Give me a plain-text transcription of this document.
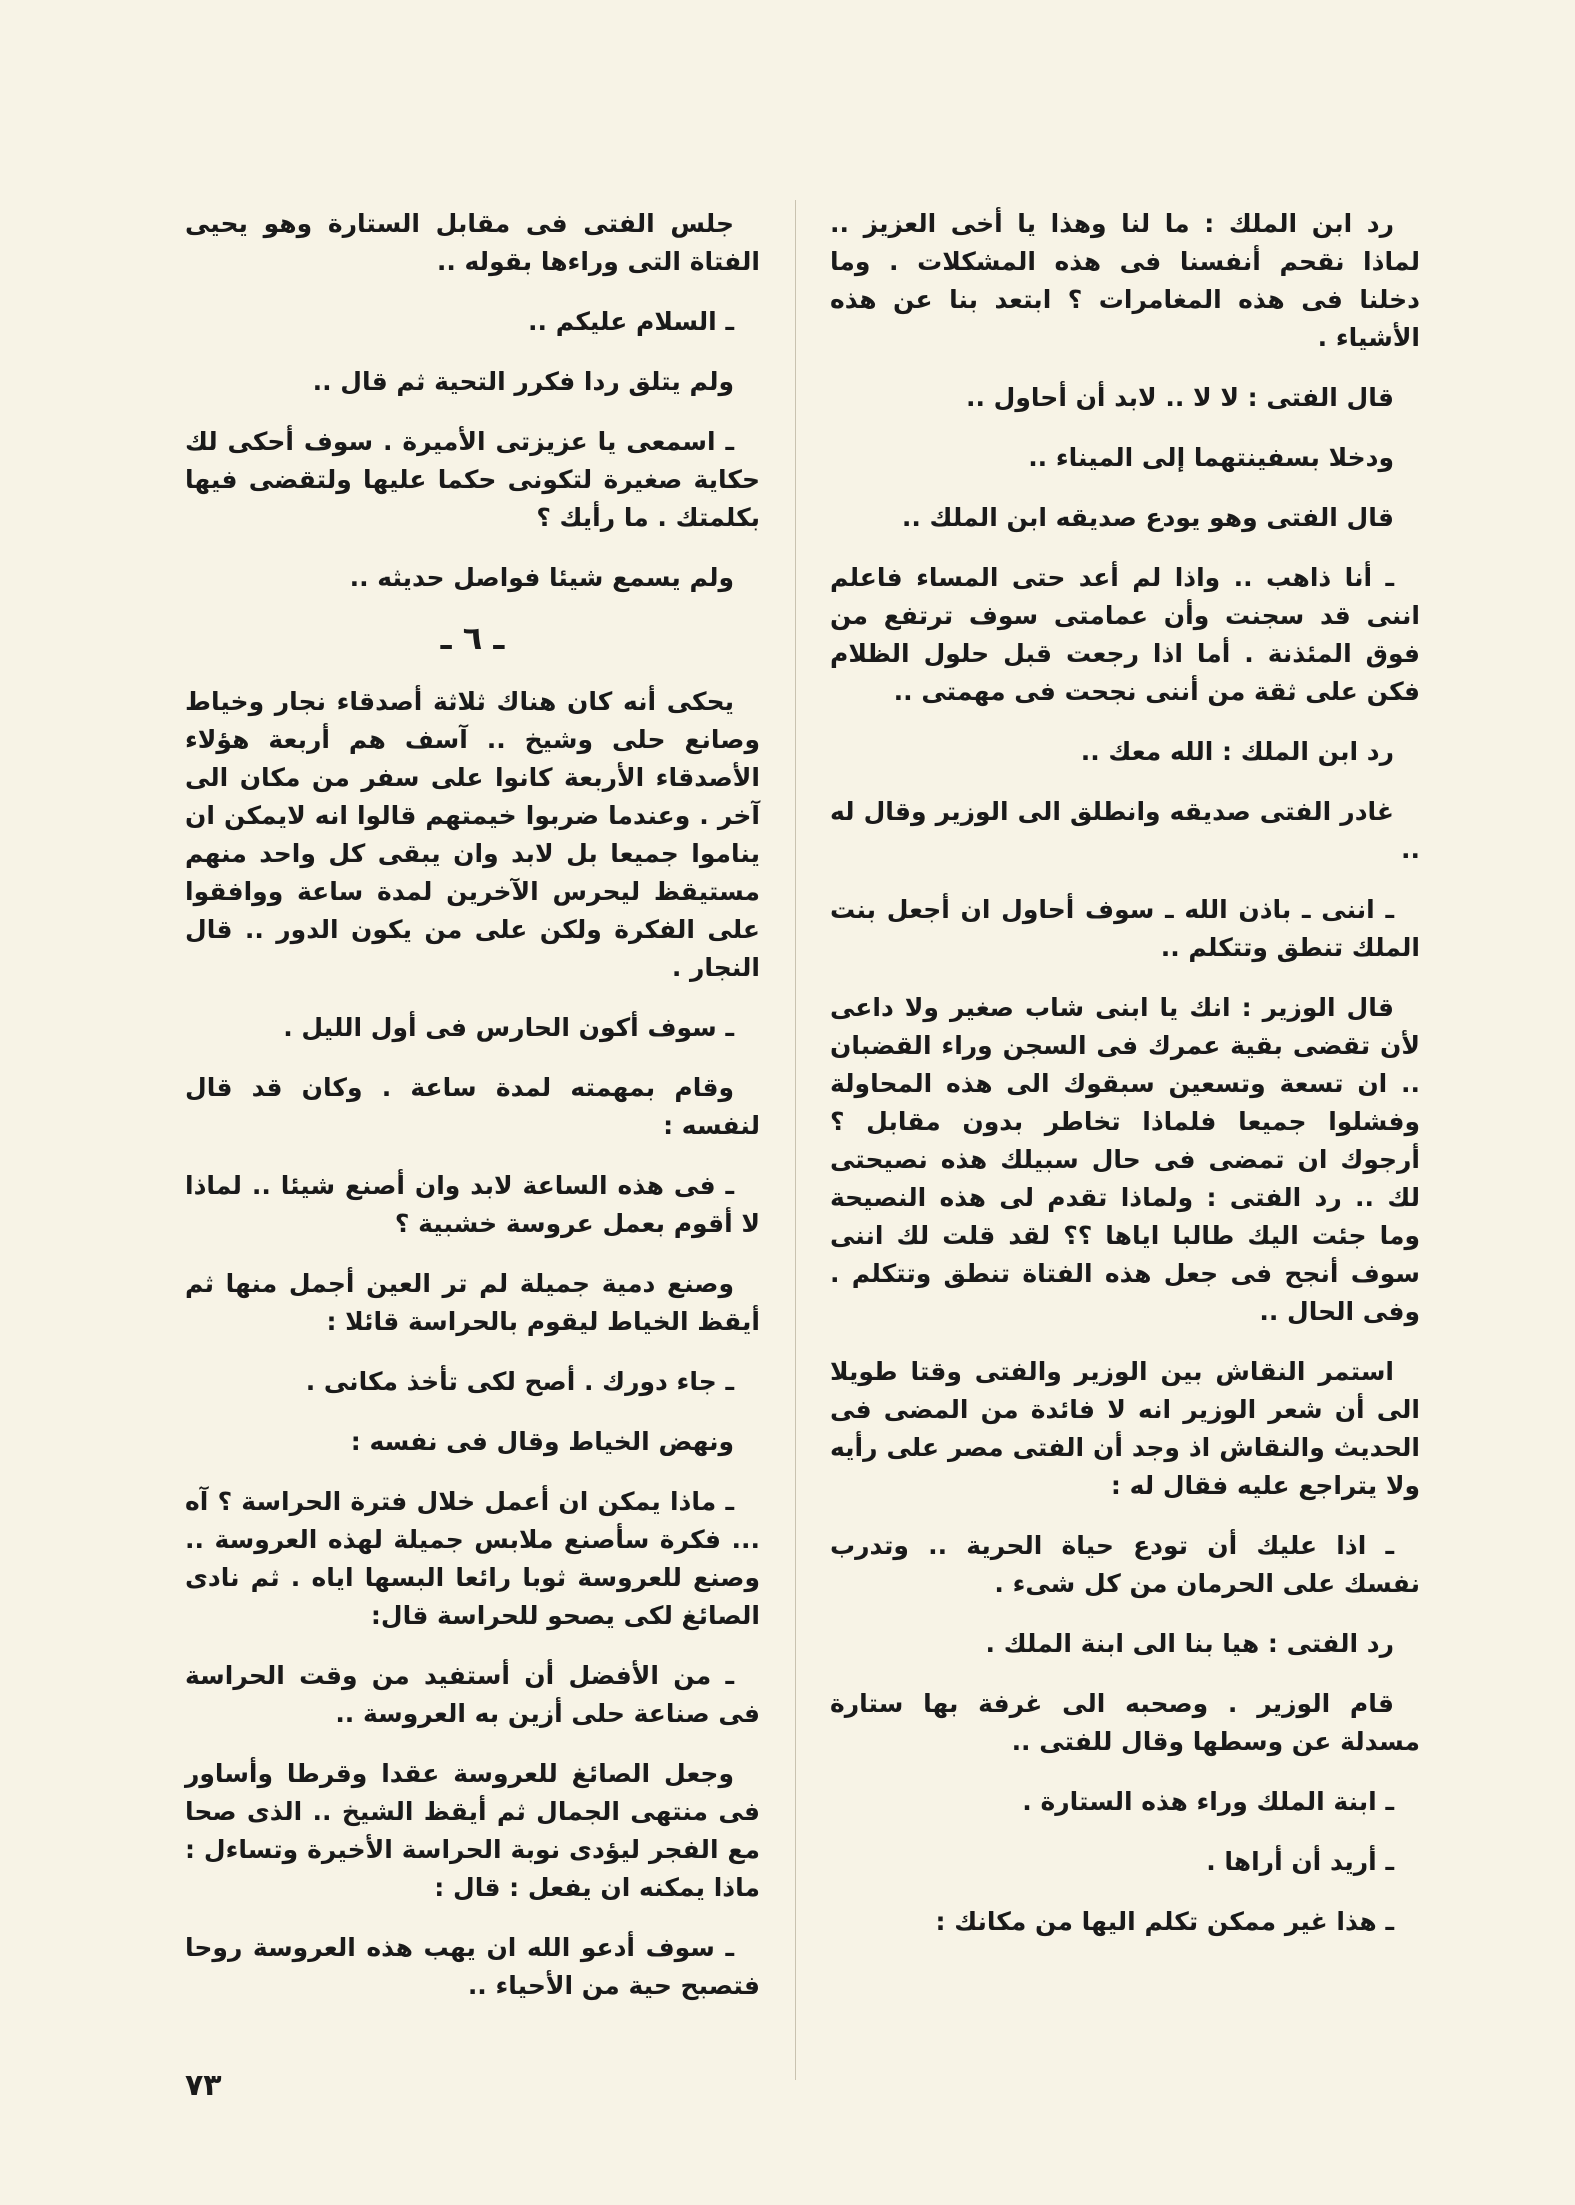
رد ابن الملك : ما لنا وهذا يا أخى العزيز .. لماذا نقحم أنفسنا فى هذه المشكلات . وما دخلنا فى هذه المغامرات ؟ ابتعد بنا عن هذه الأشياء .

قال الفتى : لا لا .. لابد أن أحاول ..

ودخلا بسفينتهما إلى الميناء ..

قال الفتى وهو يودع صديقه ابن الملك ..

ـ أنا ذاهب .. واذا لم أعد حتى المساء فاعلم اننى قد سجنت وأن عمامتى سوف ترتفع من فوق المئذنة . أما اذا رجعت قبل حلول الظلام فكن على ثقة من أننى نجحت فى مهمتى ..

رد ابن الملك : الله معك ..

غادر الفتى صديقه وانطلق الى الوزير وقال له ..

ـ اننى ـ باذن الله ـ سوف أحاول ان أجعل بنت الملك تنطق وتتكلم ..

قال الوزير : انك يا ابنى شاب صغير ولا داعى لأن تقضى بقية عمرك فى السجن وراء القضبان .. ان تسعة وتسعين سبقوك الى هذه المحاولة وفشلوا جميعا فلماذا تخاطر بدون مقابل ؟ أرجوك ان تمضى فى حال سبيلك هذه نصيحتى لك .. رد الفتى : ولماذا تقدم لى هذه النصيحة وما جئت اليك طالبا اياها ؟؟ لقد قلت لك اننى سوف أنجح فى جعل هذه الفتاة تنطق وتتكلم . وفى الحال ..

استمر النقاش بين الوزير والفتى وقتا طويلا الى أن شعر الوزير انه لا فائدة من المضى فى الحديث والنقاش اذ وجد أن الفتى مصر على رأيه ولا يتراجع عليه فقال له :

ـ اذا عليك أن تودع حياة الحرية .. وتدرب نفسك على الحرمان من كل شىء .

رد الفتى : هيا بنا الى ابنة الملك .

قام الوزير . وصحبه الى غرفة بها ستارة مسدلة عن وسطها وقال للفتى ..

ـ ابنة الملك وراء هذه الستارة .

ـ أريد أن أراها .

ـ هذا غير ممكن تكلم اليها من مكانك :

جلس الفتى فى مقابل الستارة وهو يحيى الفتاة التى وراءها بقوله ..

ـ السلام عليكم ..

ولم يتلق ردا فكرر التحية ثم قال ..

ـ اسمعى يا عزيزتى الأميرة . سوف أحكى لك حكاية صغيرة لتكونى حكما عليها ولتقضى فيها بكلمتك . ما رأيك ؟

ولم يسمع شيئا فواصل حديثه ..

ـ ٦ ـ

يحكى أنه كان هناك ثلاثة أصدقاء نجار وخياط وصانع حلى وشيخ .. آسف هم أربعة هؤلاء الأصدقاء الأربعة كانوا على سفر من مكان الى آخر . وعندما ضربوا خيمتهم قالوا انه لايمكن ان يناموا جميعا بل لابد وان يبقى كل واحد منهم مستيقظ ليحرس الآخرين لمدة ساعة ووافقوا على الفكرة ولكن على من يكون الدور .. قال النجار .

ـ سوف أكون الحارس فى أول الليل .

وقام بمهمته لمدة ساعة . وكان قد قال لنفسه :

ـ فى هذه الساعة لابد وان أصنع شيئا .. لماذا لا أقوم بعمل عروسة خشبية ؟

وصنع دمية جميلة لم تر العين أجمل منها ثم أيقظ الخياط ليقوم بالحراسة قائلا :

ـ جاء دورك . أصح لكى تأخذ مكانى .

ونهض الخياط وقال فى نفسه :

ـ ماذا يمكن ان أعمل خلال فترة الحراسة ؟ آه ... فكرة سأصنع ملابس جميلة لهذه العروسة .. وصنع للعروسة ثوبا رائعا البسها اياه . ثم نادى الصائغ لكى يصحو للحراسة قال:

ـ من الأفضل أن أستفيد من وقت الحراسة فى صناعة حلى أزين به العروسة ..

وجعل الصائغ للعروسة عقدا وقرطا وأساور فى منتهى الجمال ثم أيقظ الشيخ .. الذى صحا مع الفجر ليؤدى نوبة الحراسة الأخيرة وتساءل : ماذا يمكنه ان يفعل : قال :

ـ سوف أدعو الله ان يهب هذه العروسة روحا فتصبح حية من الأحياء ..

٧٣
